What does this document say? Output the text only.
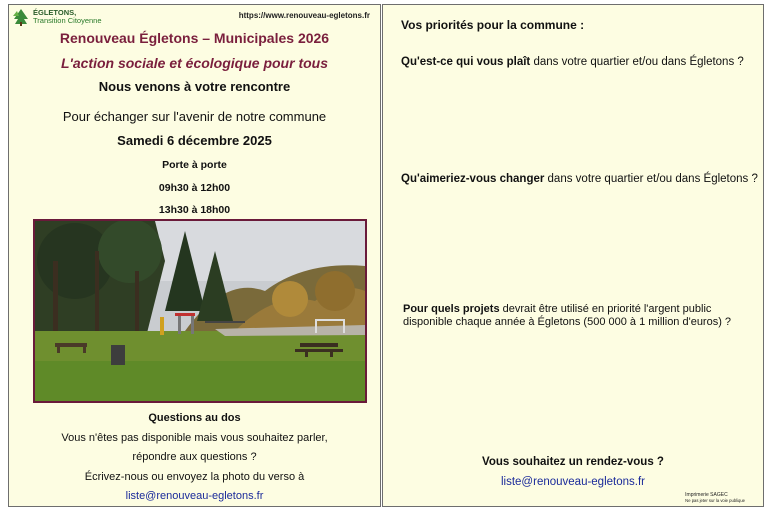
ÉGLETONS,
Transition Citoyenne
https://www.renouveau-egletons.fr
Renouveau Égletons – Municipales 2026
L'action sociale et écologique pour tous
Nous venons à votre rencontre
Pour échanger sur l'avenir de notre commune
Samedi 6 décembre 2025
Porte à porte
09h30 à 12h00
13h30 à 18h00
Questions au dos
Vous n'êtes pas disponible mais vous souhaitez parler,
répondre aux questions ?
Écrivez-nous ou envoyez la photo du verso à
liste@renouveau-egletons.fr
Vos priorités pour la commune :
Qu'est-ce qui vous plaît dans votre quartier et/ou dans Égletons ?
Qu'aimeriez-vous changer dans votre quartier et/ou dans Égletons ?
Pour quels projets devrait être utilisé en priorité l'argent public disponible chaque année à Égletons (500 000 à 1 million d'euros) ?
Vous souhaitez un rendez-vous ?
liste@renouveau-egletons.fr
Imprimerie SAGEC
Ne pas jeter sur la voie publique
